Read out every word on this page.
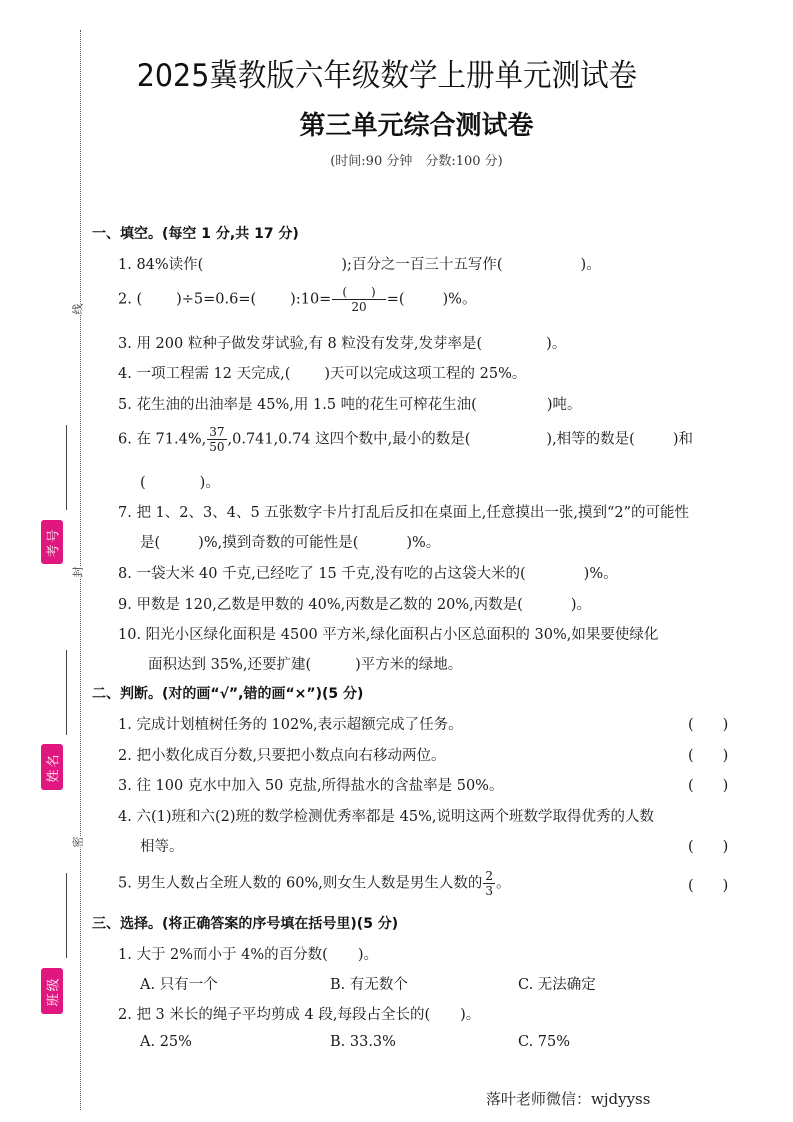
线
封
密
考号
姓名
班级
2025冀教版六年级数学上册单元测试卷
第三单元综合测试卷
(时间:90 分钟　分数:100 分)
一、填空。(每空 1 分,共 17 分)
1. 84%读作(	);百分之一百三十五写作(	)。
2. ( )÷5=0.6=( ):10= $\frac{( )}{20}$ =(	)%。
3. 用 200 粒种子做发芽试验,有 8 粒没有发芽,发芽率是(	)。
4. 一项工程需 12 天完成,( )天可以完成这项工程的 25%。
5. 花生油的出油率是 45%,用 1.5 吨的花生可榨花生油(	)吨。
6. 在 71.4%, $\frac{37}{50} ,0.741,0.74$ 这四个数中,最小的数是(	),相等的数是(	)和
(	)。
7. 把 1、2、3、4、5 五张数字卡片打乱后反扣在桌面上,任意摸出一张,摸到“2”的可能性
是(	)%,摸到奇数的可能性是(	)%。
8. 一袋大米 40 千克,已经吃了 15 千克,没有吃的占这袋大米的(	)%。
9. 甲数是 120,乙数是甲数的 40%,丙数是乙数的 20%,丙数是(	)。
10. 阳光小区绿化面积是 4500 平方米,绿化面积占小区总面积的 30%,如果要使绿化
面积达到 35%,还要扩建(	)平方米的绿地。
二、判断。(对的画“√”,错的画“×”)(5 分)
1. 完成计划植树任务的 102%,表示超额完成了任务。	(　　)
2. 把小数化成百分数,只要把小数点向右移动两位。	(　　)
3. 往 100 克水中加入 50 克盐,所得盐水的含盐率是 50%。	(　　)
4. 六(1)班和六(2)班的数学检测优秀率都是 45%,说明这两个班数学取得优秀的人数
相等。	(　　)
5. 男生人数占全班人数的 60%,则女生人数是男生人数的 $\frac{2}{3}$ 。	(　　)
三、选择。(将正确答案的序号填在括号里)(5 分)
1. 大于 2%而小于 4%的百分数( )。
A. 只有一个	B. 有无数个	C. 无法确定
2. 把 3 米长的绳子平均剪成 4 段,每段占全长的( )。
A. 25%	B. 33.3%	C. 75%
落叶老师微信：wjdyyss
